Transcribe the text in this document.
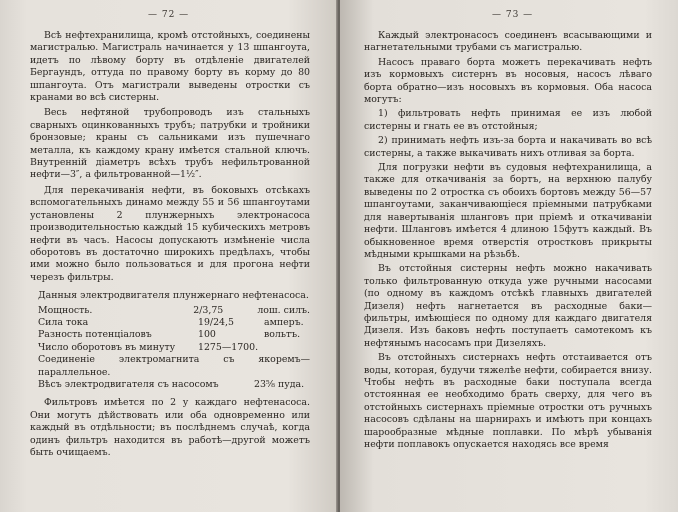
— 72 —

Всѣ нефтехранилища, кромѣ отстойныхъ, соединены магистралью. Магистраль начинается у 13 шпангоута, идетъ по лѣвому борту въ отдѣленіе двигателей Бергаундъ, оттуда по правому борту въ корму до 80 шпангоута. Отъ магистрали выведены отростки съ кранами во всѣ систерны.

Весь нефтяной трубопроводъ изъ стальныхъ сварныхъ оцинкованныхъ трубъ; патрубки и тройники бронзовые; краны съ сальниками изъ пушечнаго металла, къ каждому крану имѣется стальной ключъ. Внутренній діаметръ всѣхъ трубъ нефильтрованной нефти—3″, а фильтрованной—1½″.

Для перекачиванія нефти, въ боковыхъ отсѣкахъ вспомогательныхъ динамо между 55 и 56 шпангоутами установлены 2 плунжерныхъ электронасоса производительностью каждый 15 кубическихъ метровъ нефти въ часъ. Насосы допускаютъ измѣненіе числа оборотовъ въ достаточно широкихъ предѣлахъ, чтобы ими можно было пользоваться и для прогона нефти черезъ фильтры.

Данныя электродвигателя плунжернаго нефтенасоса.
Мощность.	2/3,75	лош. силъ.
Сила тока	19/24,5	амперъ.
Разность потенціаловъ	100	вольтъ.
Число оборотовъ въ минуту	1275—1700.
Соединеніе электромагнита съ якоремъ—параллельное.
Вѣсъ электродвигателя съ насосомъ	23⅝ пуда.

Фильтровъ имѣется по 2 у каждаго нефтенасоса. Они могутъ дѣйствовать или оба одновременно или каждый въ отдѣльности; въ послѣднемъ случаѣ, когда одинъ фильтръ находится въ работѣ—другой можетъ быть очищаемъ.

— 73 —

Каждый электронасосъ соединенъ всасывающими и нагнетательными трубами съ магистралью.

Насосъ праваго борта можетъ перекачивать нефть изъ кормовыхъ систернъ въ носовыя, насосъ лѣваго борта обратно—изъ носовыхъ въ кормовыя. Оба насоса могутъ:

1) фильтровать нефть принимая ее изъ любой систерны и гнать ее въ отстойныя;

2) принимать нефть изъ-за борта и накачивать во всѣ систерны, а также выкачивать нихъ отливая за борта.

Для погрузки нефти въ судовыя нефтехранилища, а также для откачиванія за бортъ, на верхнюю палубу выведены по 2 отростка съ обоихъ бортовъ между 56—57 шпангоутами, заканчивающіеся пріемными патрубками для навертыванія шланговъ при пріемѣ и откачиваніи нефти. Шланговъ имѣется 4 длиною 15футъ каждый. Въ обыкновенное время отверстія отростковъ прикрыты мѣдными крышками на рѣзьбѣ.

Въ отстойныя систерны нефть можно накачивать только фильтрованную откуда уже ручными насосами (по одному въ каждомъ отсѣкѣ главныхъ двигателей Дизеля) нефть нагнетается въ расходные баки—фильтры, имѣющіеся по одному для каждаго двигателя Дизеля. Изъ баковъ нефть поступаетъ самотекомъ къ нефтянымъ насосамъ при Дизеляхъ.

Въ отстойныхъ систернахъ нефть отстаивается отъ воды, которая, будучи тяжелѣе нефти, собирается внизу. Чтобы нефть въ расходные баки поступала всегда отстоянная ее необходимо брать сверху, для чего въ отстойныхъ систернахъ пріемные отростки отъ ручныхъ насосовъ сдѣланы на шарнирахъ и имѣютъ при концахъ шарообразные мѣдные поплавки. По мѣрѣ убыванія нефти поплавокъ опускается находясь все время
